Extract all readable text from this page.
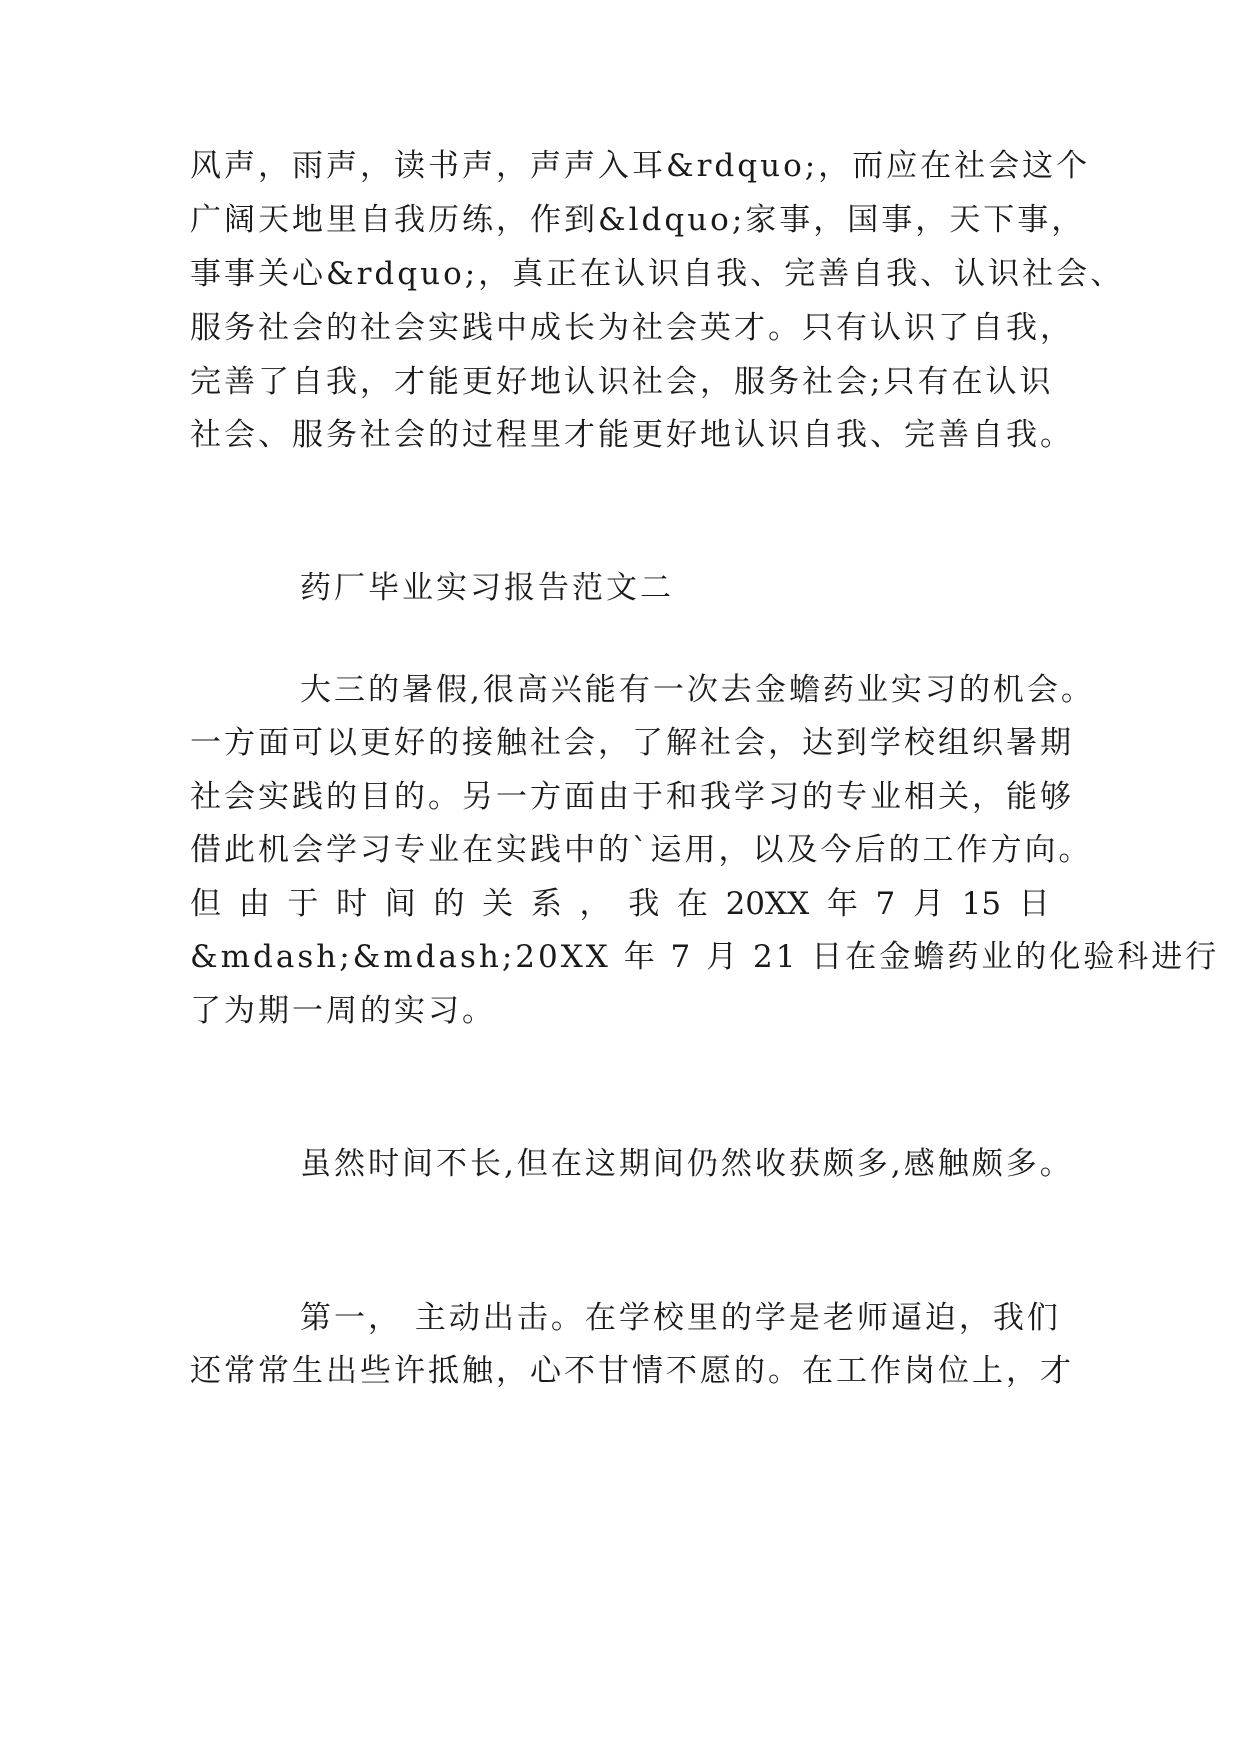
风声，雨声，读书声，声声入耳&rdquo;，而应在社会这个
广阔天地里自我历练，作到&ldquo;家事，国事，天下事，
事事关心&rdquo;，真正在认识自我、完善自我、认识社会、
服务社会的社会实践中成长为社会英才。只有认识了自我，
完善了自我，才能更好地认识社会，服务社会;只有在认识
社会、服务社会的过程里才能更好地认识自我、完善自我。
药厂毕业实习报告范文二
大三的暑假,很高兴能有一次去金蟾药业实习的机会。
一方面可以更好的接触社会，了解社会，达到学校组织暑期
社会实践的目的。另一方面由于和我学习的专业相关，能够
借此机会学习专业在实践中的`运用，以及今后的工作方向。
但 由 于 时 间 的 关 系 ， 我 在 20XX 年 7 月 15 日
&mdash;&mdash;20XX 年 7 月 21 日在金蟾药业的化验科进行
了为期一周的实习。
虽然时间不长,但在这期间仍然收获颇多,感触颇多。
第一， 主动出击。在学校里的学是老师逼迫，我们
还常常生出些许抵触，心不甘情不愿的。在工作岗位上，才
